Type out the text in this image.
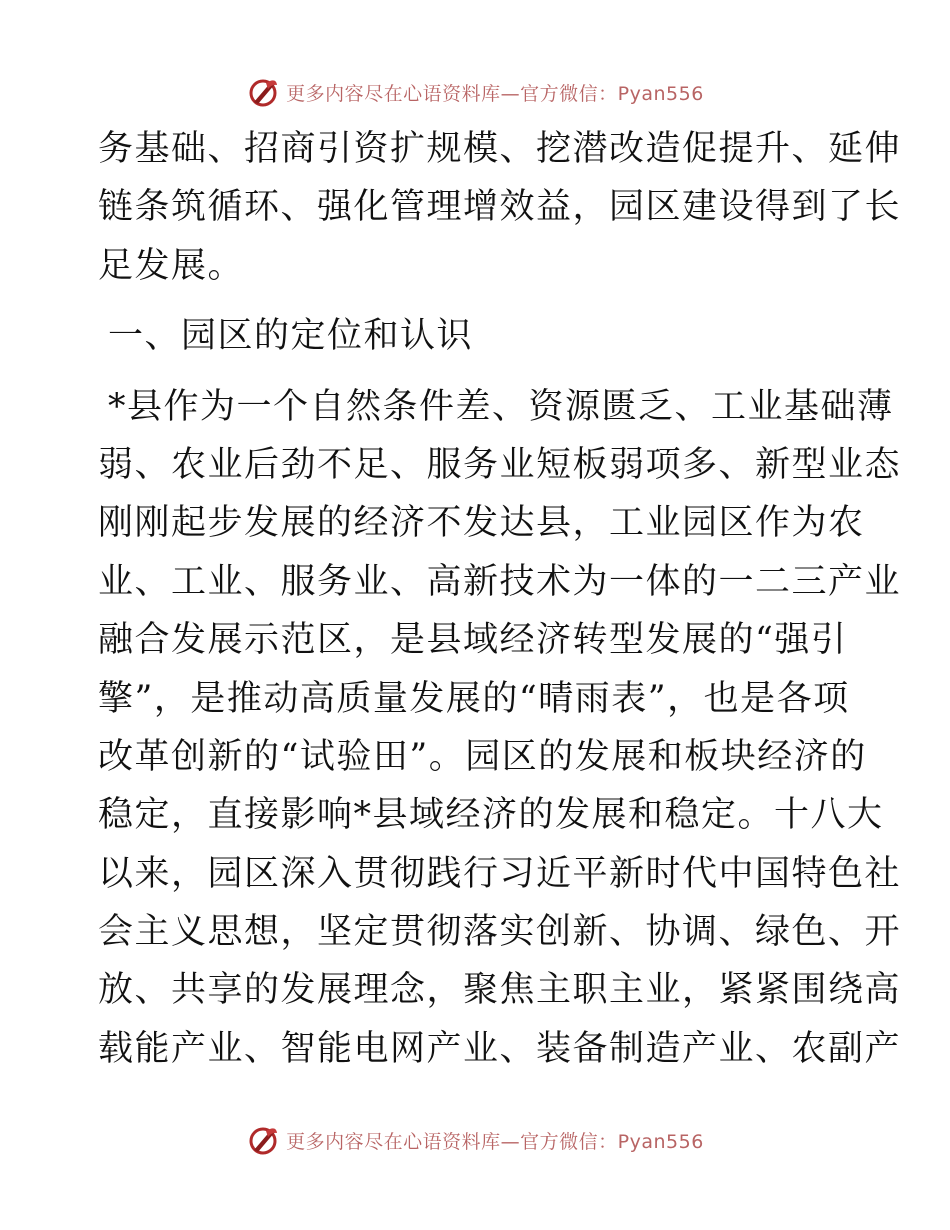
更多内容尽在心语资料库—官方微信：Pyan556
务基础、招商引资扩规模、挖潜改造促提升、延伸
链条筑循环、强化管理增效益，园区建设得到了长
足发展。
一、园区的定位和认识
*县作为一个自然条件差、资源匮乏、工业基础薄
弱、农业后劲不足、服务业短板弱项多、新型业态
刚刚起步发展的经济不发达县，工业园区作为农
业、工业、服务业、高新技术为一体的一二三产业
融合发展示范区，是县域经济转型发展的“强引
擎”，是推动高质量发展的“晴雨表”，也是各项
改革创新的“试验田”。园区的发展和板块经济的
稳定，直接影响*县域经济的发展和稳定。十八大
以来，园区深入贯彻践行习近平新时代中国特色社
会主义思想，坚定贯彻落实创新、协调、绿色、开
放、共享的发展理念，聚焦主职主业，紧紧围绕高
载能产业、智能电网产业、装备制造产业、农副产
更多内容尽在心语资料库—官方微信：Pyan556
